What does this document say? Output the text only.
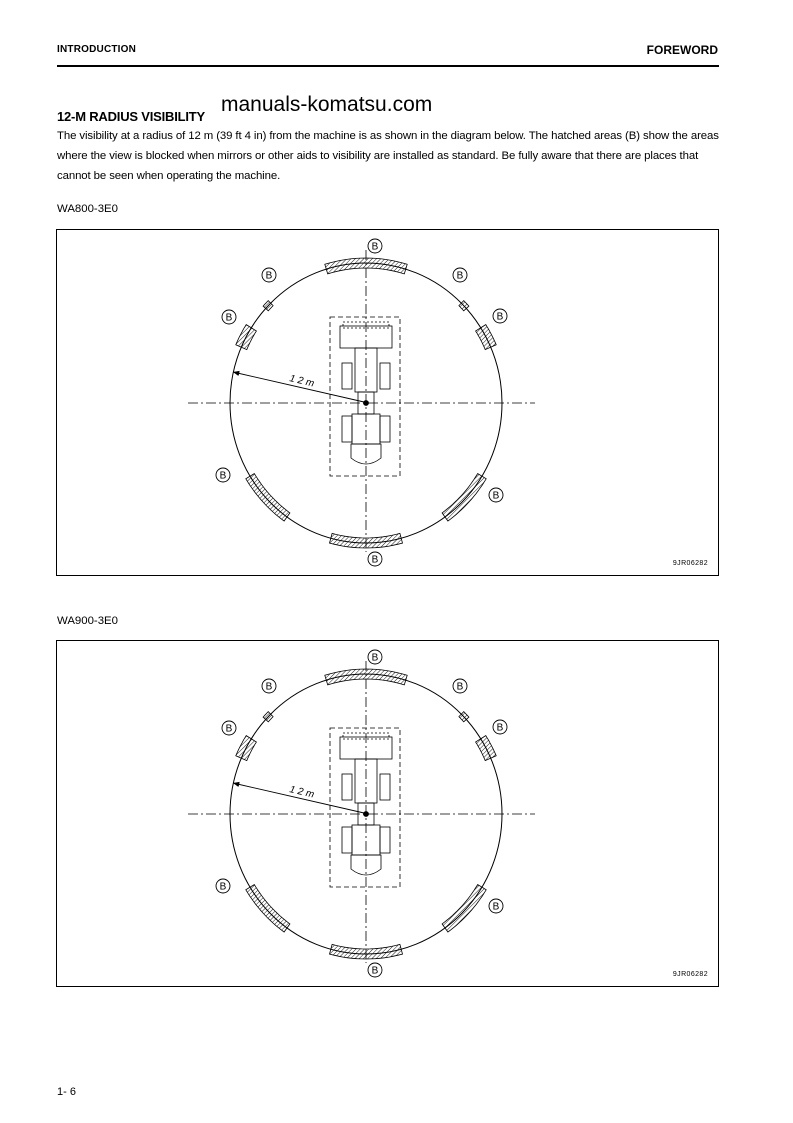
INTRODUCTION	FOREWORD
12-M RADIUS VISIBILITY
manuals-komatsu.com
The visibility at a radius of 12 m (39 ft 4 in) from the machine is as shown in the diagram below. The hatched areas (B) show the areas where the view is blocked when mirrors or other aids to visibility are installed as standard. Be fully aware that there are places that cannot be seen when operating the machine.
WA800-3E0
B
B	B
B	B
B
B
B
1 2 m
9JR06282
WA900-3E0
B
B	B
B	B
B
B
B
1 2 m
9JR06282
1- 6
